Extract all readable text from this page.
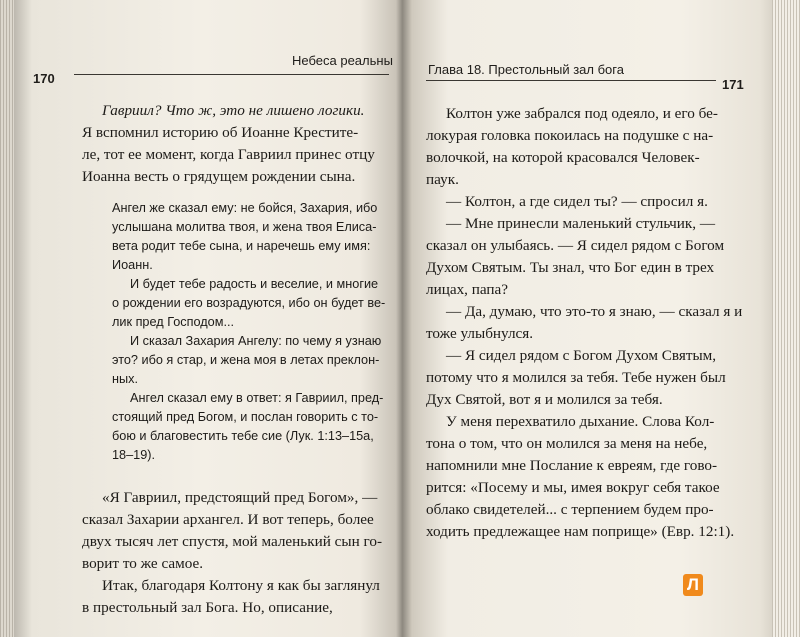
170
Небеса реальны
Гавриил? Что ж, это не лишено логики.
Я вспомнил историю об Иоанне Крестите-
ле, тот ее момент, когда Гавриил принес отцу
Иоанна весть о грядущем рождении сына.
Ангел же сказал ему: не бойся, Захария, ибо
услышана молитва твоя, и жена твоя Елиса-
вета родит тебе сына, и наречешь ему имя:
Иоанн.
И будет тебе радость и веселие, и многие
о рождении его возрадуются, ибо он будет ве-
лик пред Господом...
И сказал Захария Ангелу: по чему я узнаю
это? ибо я стар, и жена моя в летах преклон-
ных.
Ангел сказал ему в ответ: я Гавриил, пред-
стоящий пред Богом, и послан говорить с то-
бою и благовестить тебе сие (Лук. 1:13–15а,
18–19).
«Я Гавриил, предстоящий пред Богом», —
сказал Захарии архангел. И вот теперь, более
двух тысяч лет спустя, мой маленький сын го-
ворит то же самое.
Итак, благодаря Колтону я как бы заглянул
в престольный зал Бога. Но, описание,
Глава 18. Престольный зал бога
171
Колтон уже забрался под одеяло, и его бе-
локурая головка покоилась на подушке с на-
волочкой, на которой красовался Человек-
паук.
— Колтон, а где сидел ты? — спросил я.
— Мне принесли маленький стульчик, —
сказал он улыбаясь. — Я сидел рядом с Богом
Духом Святым. Ты знал, что Бог един в трех
лицах, папа?
— Да, думаю, что это-то я знаю, — сказал я и
тоже улыбнулся.
— Я сидел рядом с Богом Духом Святым,
потому что я молился за тебя. Тебе нужен был
Дух Святой, вот я и молился за тебя.
У меня перехватило дыхание. Слова Кол-
тона о том, что он молился за меня на небе,
напомнили мне Послание к евреям, где гово-
рится: «Посему и мы, имея вокруг себя такое
облако свидетелей... с терпением будем про-
ходить предлежащее нам поприще» (Евр. 12:1).
Л
